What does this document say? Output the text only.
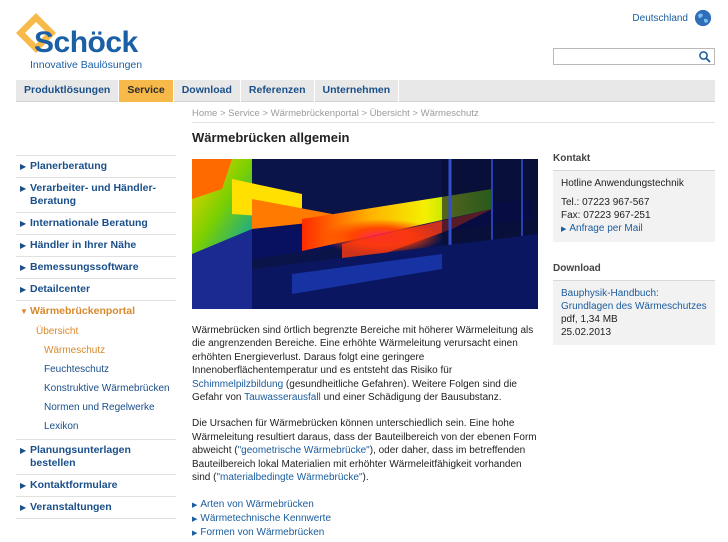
Schöck
Innovative Baulösungen
Deutschland
Produktlösungen	Service	Download	Referenzen	Unternehmen
Home > Service > Wärmebrückenportal > Übersicht > Wärmeschutz
▶ Planerberatung
▶ Verarbeiter- und Händler-Beratung
▶ Internationale Beratung
▶ Händler in Ihrer Nähe
▶ Bemessungssoftware
▶ Detailcenter
▼ Wärmebrückenportal
Übersicht
Wärmeschutz
Feuchteschutz
Konstruktive Wärmebrücken
Normen und Regelwerke
Lexikon
▶ Planungsunterlagen bestellen
▶ Kontaktformulare
▶ Veranstaltungen
Wärmebrücken allgemein

Wärmebrücken sind örtlich begrenzte Bereiche mit höherer Wärmeleitung als die angrenzenden Bereiche. Eine erhöhte Wärmeleitung verursacht einen erhöhten Energieverlust. Daraus folgt eine geringere Innenoberflächentemperatur und es entsteht das Risiko für Schimmelpilzbildung (gesundheitliche Gefahren). Weitere Folgen sind die Gefahr von Tauwasserausfall und einer Schädigung der Bausubstanz.

Die Ursachen für Wärmebrücken können unterschiedlich sein. Eine hohe Wärmeleitung resultiert daraus, dass der Bauteilbereich von der ebenen Form abweicht ("geometrische Wärmebrücke"), oder daher, dass im betreffenden Bauteilbereich lokal Materialien mit erhöhter Wärmeleitfähigkeit vorhanden sind ("materialbedingte Wärmebrücke").

▶ Arten von Wärmebrücken
▶ Wärmetechnische Kennwerte
▶ Formen von Wärmebrücken
Kontakt
Hotline Anwendungstechnik
Tel.: 07223 967-567
Fax: 07223 967-251
▶ Anfrage per Mail
Download
Bauphysik-Handbuch: Grundlagen des Wärmeschutzes
pdf, 1,34 MB
25.02.2013
